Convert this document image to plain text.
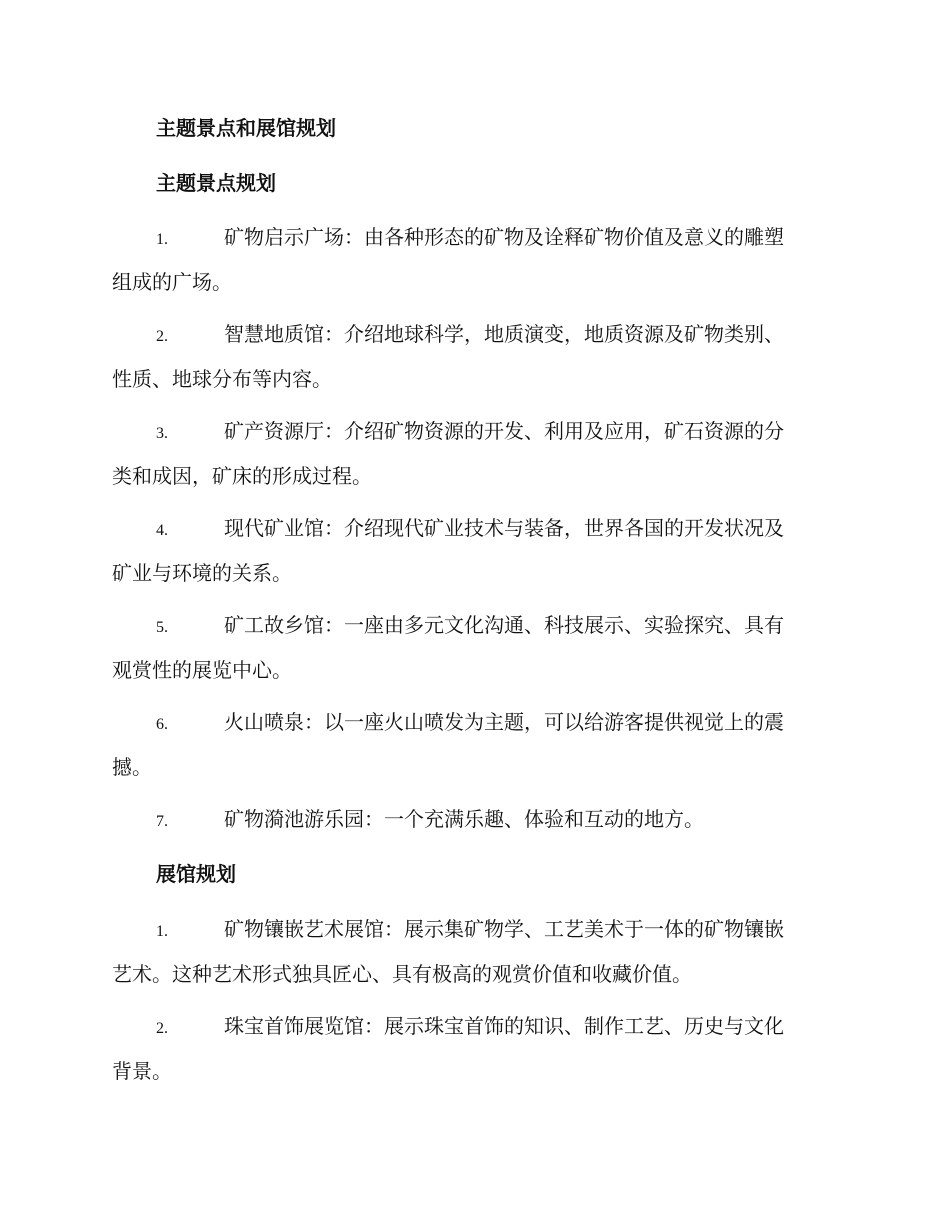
主题景点和展馆规划
主题景点规划
1.	矿物启示广场：由各种形态的矿物及诠释矿物价值及意义的雕塑
组成的广场。
2.	智慧地质馆：介绍地球科学，地质演变，地质资源及矿物类别、
性质、地球分布等内容。
3.	矿产资源厅：介绍矿物资源的开发、利用及应用，矿石资源的分
类和成因，矿床的形成过程。
4.	现代矿业馆：介绍现代矿业技术与装备，世界各国的开发状况及
矿业与环境的关系。
5.	矿工故乡馆：一座由多元文化沟通、科技展示、实验探究、具有
观赏性的展览中心。
6.	火山喷泉：以一座火山喷发为主题，可以给游客提供视觉上的震
撼。
7.	矿物漪池游乐园：一个充满乐趣、体验和互动的地方。
展馆规划
1.	矿物镶嵌艺术展馆：展示集矿物学、工艺美术于一体的矿物镶嵌
艺术。这种艺术形式独具匠心、具有极高的观赏价值和收藏价值。
2.	珠宝首饰展览馆：展示珠宝首饰的知识、制作工艺、历史与文化
背景。
